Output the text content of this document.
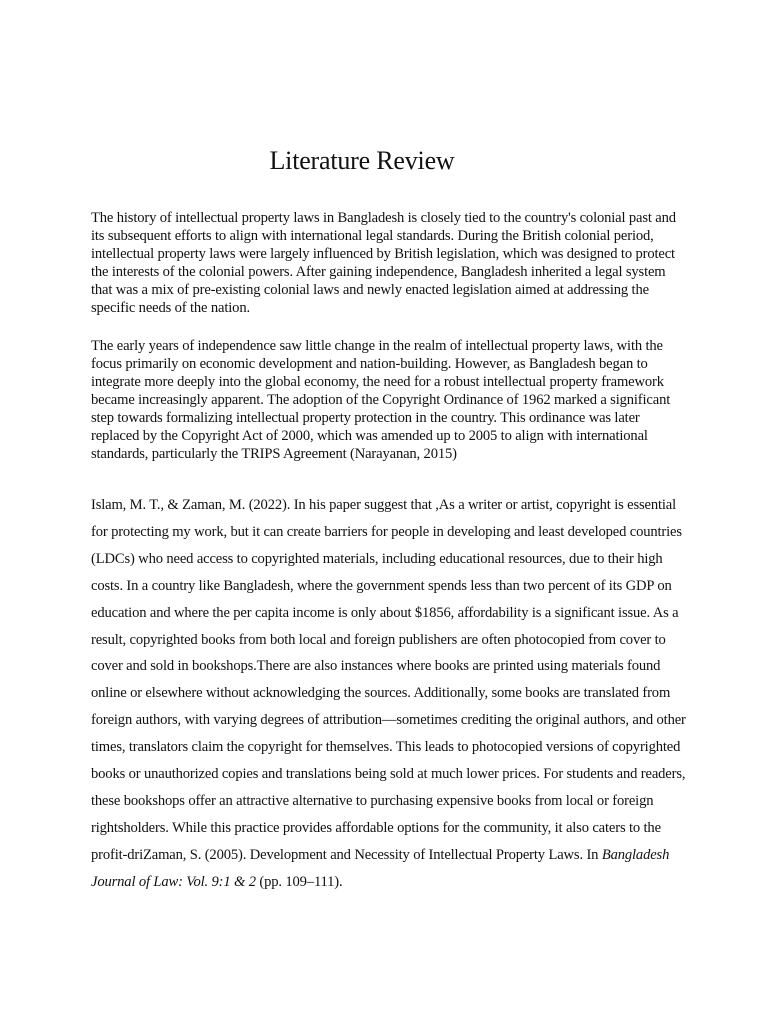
Literature Review

The history of intellectual property laws in Bangladesh is closely tied to the country's colonial past and its subsequent efforts to align with international legal standards. During the British colonial period, intellectual property laws were largely influenced by British legislation, which was designed to protect the interests of the colonial powers. After gaining independence, Bangladesh inherited a legal system that was a mix of pre-existing colonial laws and newly enacted legislation aimed at addressing the specific needs of the nation.

The early years of independence saw little change in the realm of intellectual property laws, with the focus primarily on economic development and nation-building. However, as Bangladesh began to integrate more deeply into the global economy, the need for a robust intellectual property framework became increasingly apparent. The adoption of the Copyright Ordinance of 1962 marked a significant step towards formalizing intellectual property protection in the country. This ordinance was later replaced by the Copyright Act of 2000, which was amended up to 2005 to align with international standards, particularly the TRIPS Agreement (Narayanan, 2015)

Islam, M. T., & Zaman, M. (2022). In his paper suggest that ,As a writer or artist, copyright is essential for protecting my work, but it can create barriers for people in developing and least developed countries (LDCs) who need access to copyrighted materials, including educational resources, due to their high costs. In a country like Bangladesh, where the government spends less than two percent of its GDP on education and where the per capita income is only about $1856, affordability is a significant issue. As a result, copyrighted books from both local and foreign publishers are often photocopied from cover to cover and sold in bookshops.There are also instances where books are printed using materials found online or elsewhere without acknowledging the sources. Additionally, some books are translated from foreign authors, with varying degrees of attribution—sometimes crediting the original authors, and other times, translators claim the copyright for themselves. This leads to photocopied versions of copyrighted books or unauthorized copies and translations being sold at much lower prices. For students and readers, these bookshops offer an attractive alternative to purchasing expensive books from local or foreign rightsholders. While this practice provides affordable options for the community, it also caters to the profit-driZaman, S. (2005). Development and Necessity of Intellectual Property Laws. In Bangladesh Journal of Law: Vol. 9:1 & 2 (pp. 109–111).
